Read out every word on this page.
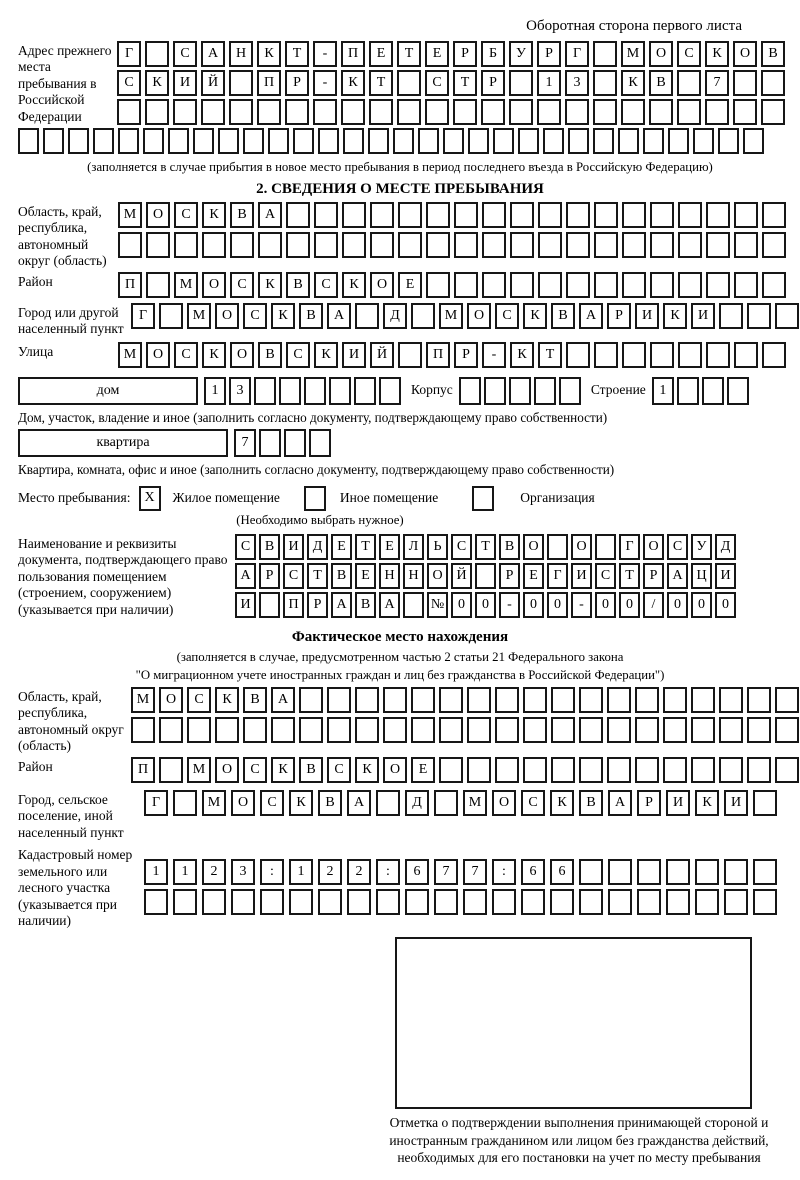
Оборотная сторона первого листа
Адрес прежнего места пребывания в Российской Федерации
Г	С	А	Н	К	Т	-	П	Е	Т	Е	Р	Б	У	Р	Г	М	О	С	К	О	В
С	К	И	Й	П	Р	-	К	Т	С	Т	Р	1	3	К	В	7
(заполняется в случае прибытия в новое место пребывания в период последнего въезда в Российскую Федерацию)
2. СВЕДЕНИЯ О МЕСТЕ ПРЕБЫВАНИЯ
Область, край, республика, автономный округ (область)
М	О	С	К	В	А
Район	П	М	О	С	К	В	С	К	О	Е
Город или другой населенный пункт
Г	М	О	С	К	В	А	Д	М	О	С	К	В	А	Р	И	К	И
Улица	М	О	С	К	О	В	С	К	И	Й	П	Р	-	К	Т
дом	1	3	Корпус	Строение 1
Дом, участок, владение и иное (заполнить согласно документу, подтверждающему право собственности)
квартира	7
Квартира, комната, офис и иное (заполнить согласно документу, подтверждающему право собственности)
Место пребывания: X	Жилое помещение	Иное помещение	Организация
(Необходимо выбрать нужное)
Наименование и реквизиты документа, подтверждающего право пользования помещением (строением, сооружением) (указывается при наличии)
С	В	И	Д	Е	Т	Е	Л	Ь	С	Т	В	О	О	Г	О	С	У	Д
А	Р	С	Т	В	Е	Н Н О Й	Р	Е	Г	И	С	Т	Р	А Ц И
И	П	Р	А	В	А	№ 0	0	-	0	0	-	0	0	/	0	0	0
Фактическое место нахождения
(заполняется в случае, предусмотренном частью 2 статьи 21 Федерального закона
"О миграционном учете иностранных граждан и лиц без гражданства в Российской Федерации")
Область, край, республика, автономный округ (область)
М	О	С	К	В	А
Район	П	М	О	С	К	В	С	К	О	Е
Город, сельское поселение, иной населенный пункт
Г	М	О	С	К	В	А	Д	М	О	С	К	В	А	Р	И	К	И
Кадастровый номер земельного или лесного участка (указывается при наличии)
1	1	2	3	:	1	2	2	:	6	7	7	:	6	6
Отметка о подтверждении выполнения принимающей стороной и иностранным гражданином или лицом без гражданства действий, необходимых для его постановки на учет по месту пребывания
